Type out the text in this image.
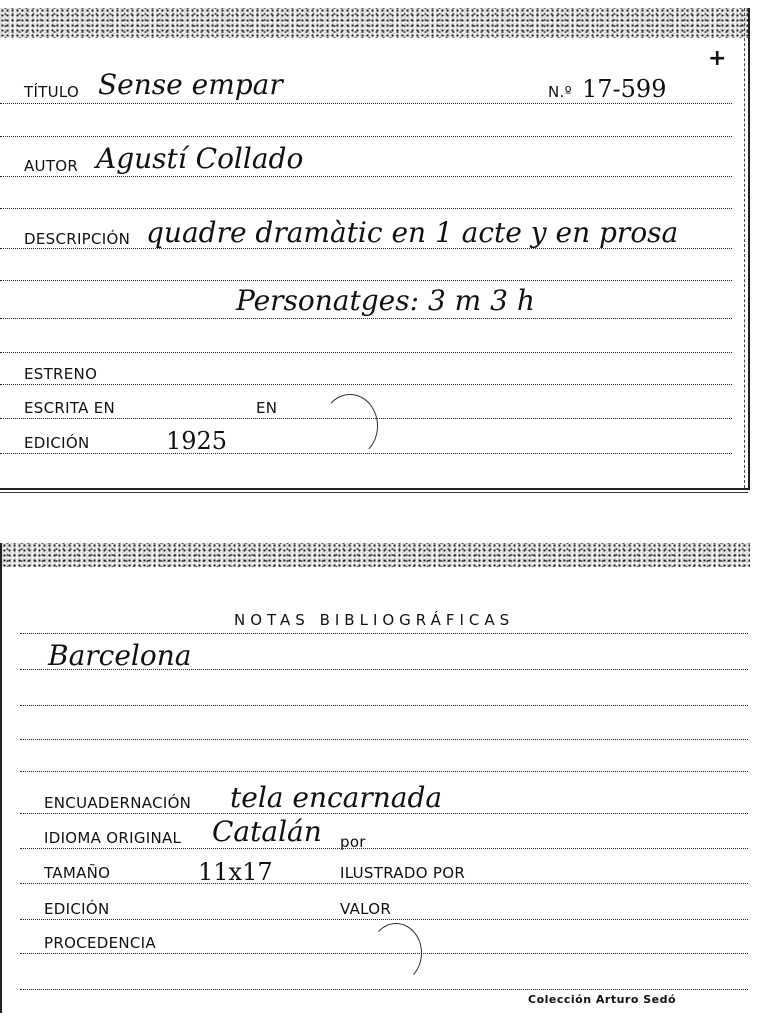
+
TÍTULO Sense empar	N.º 17-599
AUTOR Agustí Collado
DESCRIPCIÓN quadre dramàtic en 1 acte y en prosa
Personatges: 3 m 3 h
ESTRENO
ESCRITA EN	EN
EDICIÓN	1925
NOTAS BIBLIOGRÁFICAS
Barcelona
ENCUADERNACIÓN tela encarnada
IDIOMA ORIGINAL Catalán por
TAMAÑO	11x17	ILUSTRADO POR
EDICIÓN	VALOR
PROCEDENCIA
Colección Arturo Sedó
